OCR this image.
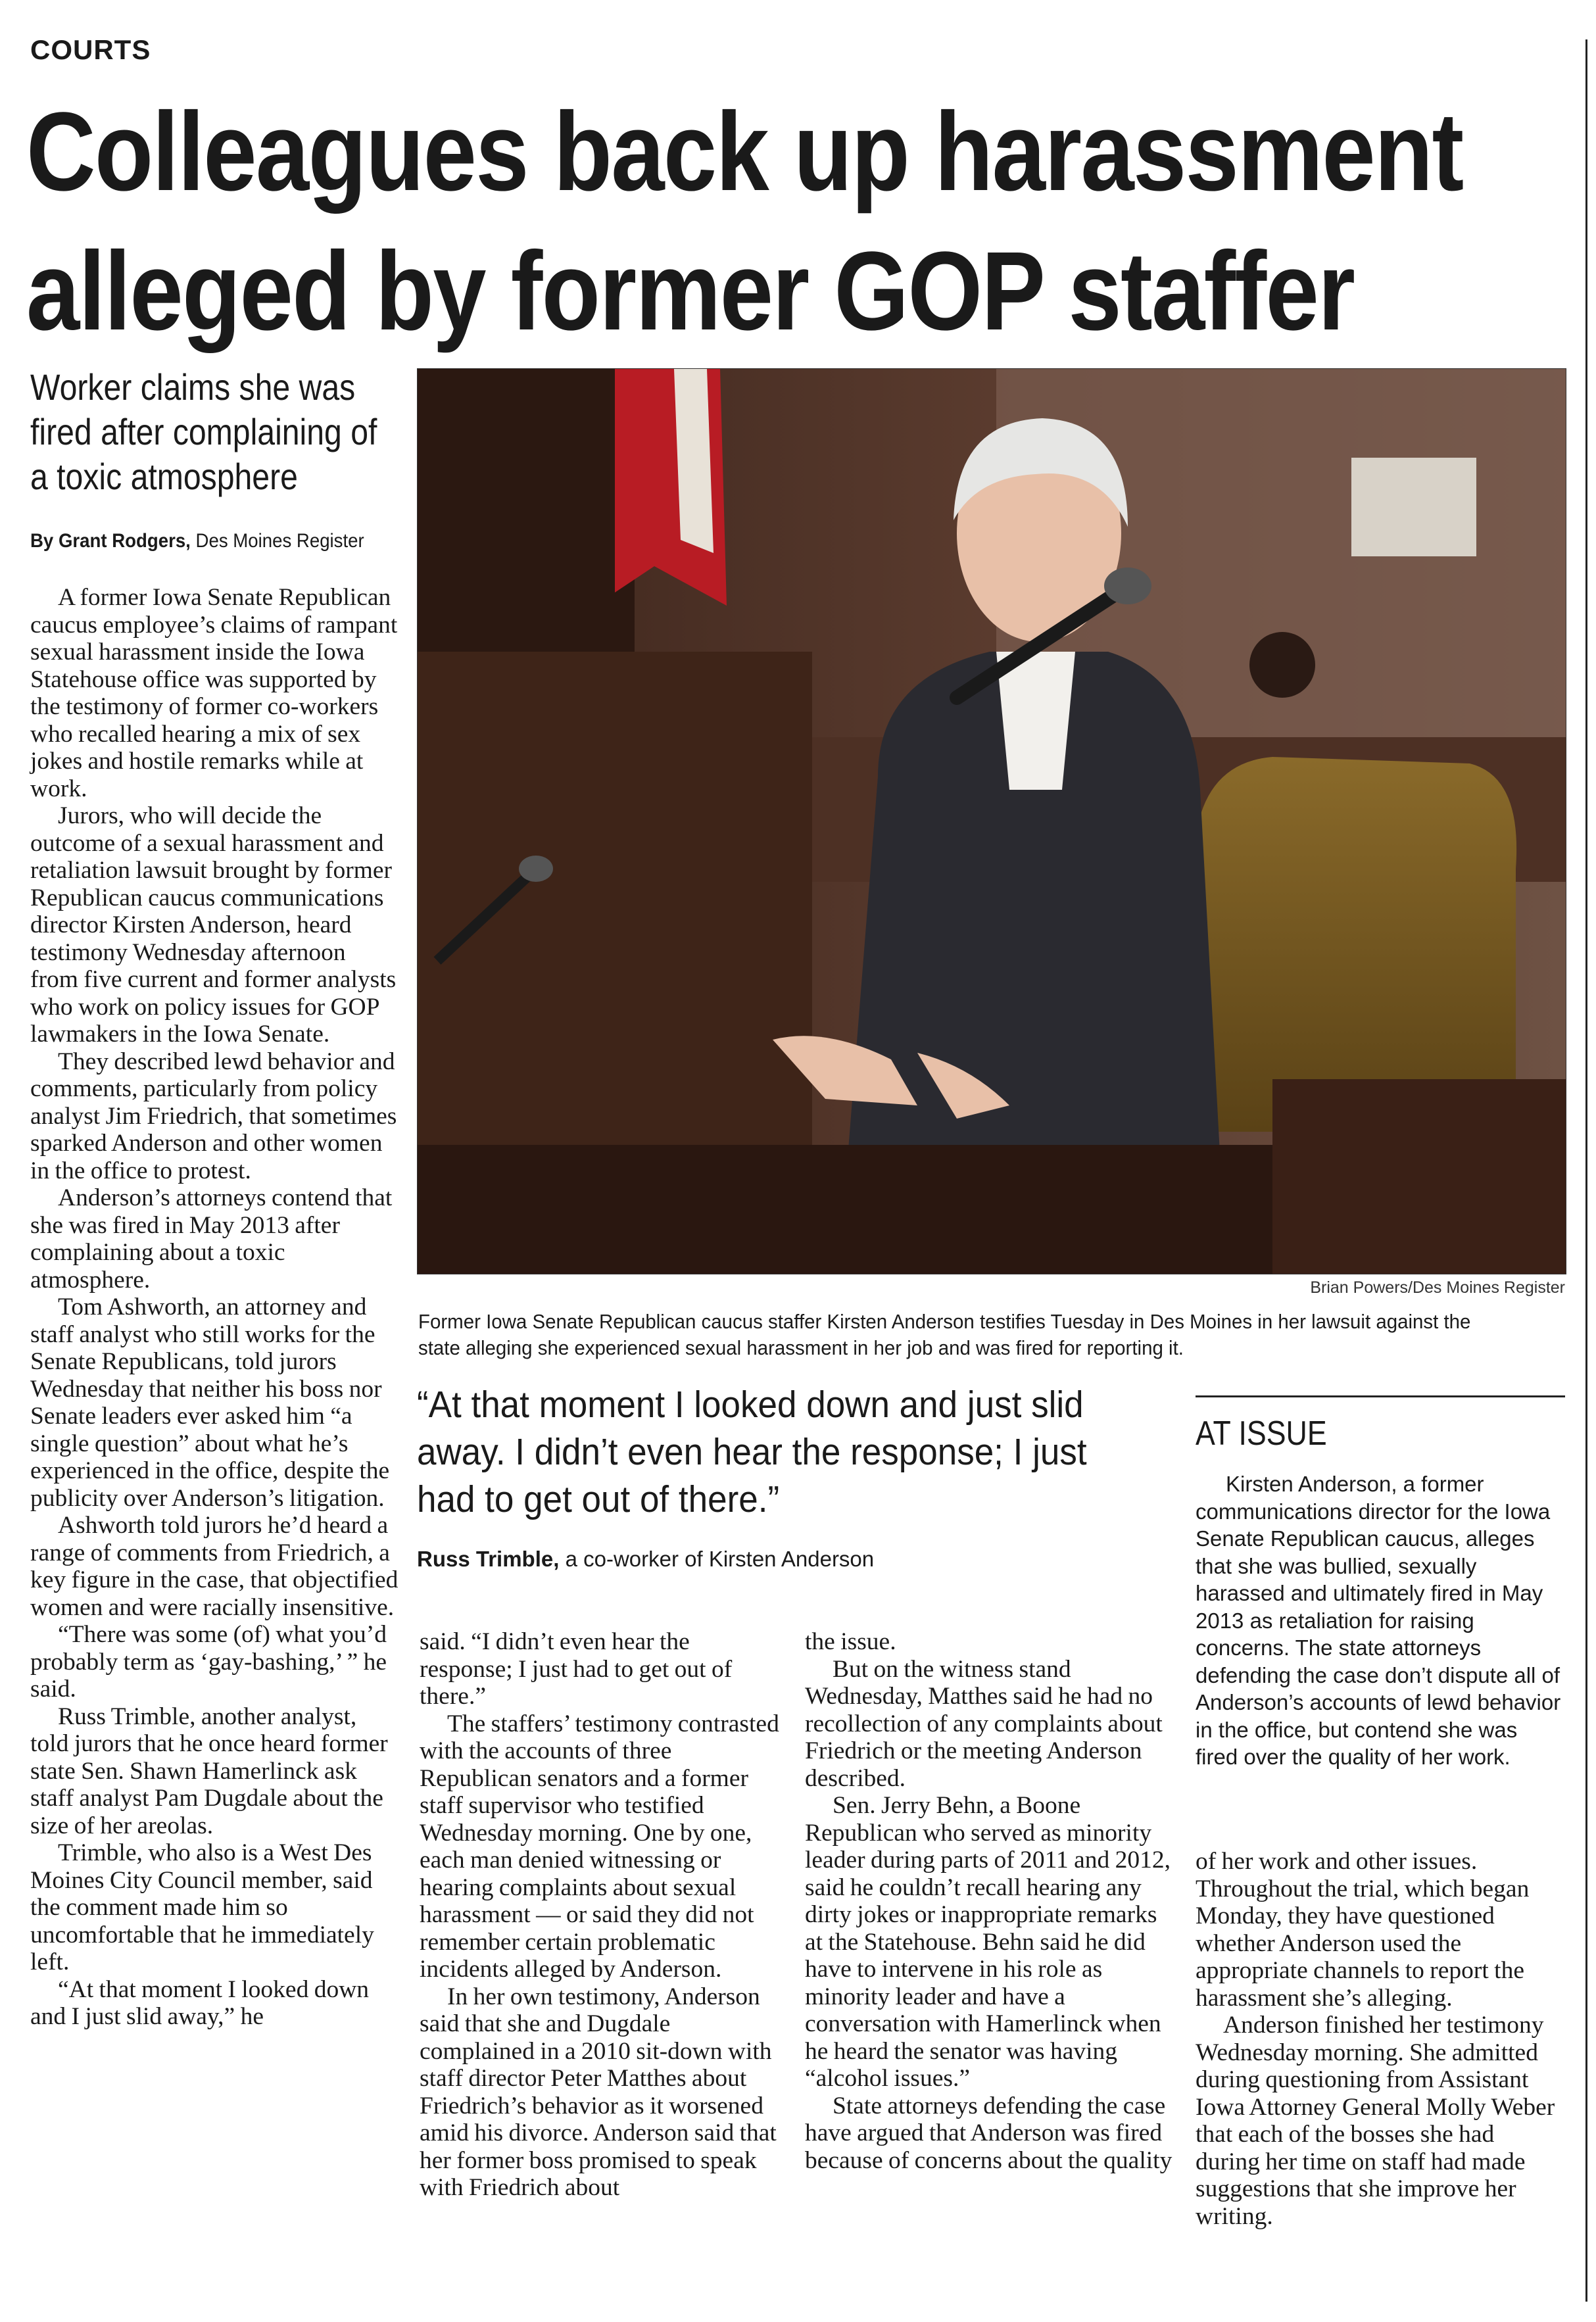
COURTS
Colleagues back up harassment
alleged by former GOP staffer
Worker claims she was fired after complaining of a toxic atmosphere
By Grant Rodgers, Des Moines Register
Brian Powers/Des Moines Register
Former Iowa Senate Republican caucus staffer Kirsten Anderson testifies Tuesday in Des Moines in her lawsuit against the state alleging she experienced sexual harassment in her job and was fired for reporting it.
“At that moment I looked down and just slid away. I didn’t even hear the response; I just had to get out of there.”
Russ Trimble, a co-worker of Kirsten Anderson
AT ISSUE

Kirsten Anderson, a former communications director for the Iowa Senate Republican caucus, alleges that she was bullied, sexually harassed and ultimately fired in May 2013 as retaliation for raising concerns. The state attorneys defending the case don’t dispute all of Anderson’s accounts of lewd behavior in the office, but contend she was fired over the quality of her work.

A former Iowa Senate Republican caucus employee’s claims of rampant sexual harassment inside the Iowa Statehouse office was supported by the testimony of former co-workers who recalled hearing a mix of sex jokes and hostile remarks while at work.

Jurors, who will decide the outcome of a sexual harassment and retaliation lawsuit brought by former Republican caucus communications director Kirsten Anderson, heard testimony Wednesday afternoon from five current and former analysts who work on policy issues for GOP lawmakers in the Iowa Senate.

They described lewd behavior and comments, particularly from policy analyst Jim Friedrich, that sometimes sparked Anderson and other women in the office to protest.

Anderson’s attorneys contend that she was fired in May 2013 after complaining about a toxic atmosphere.

Tom Ashworth, an attorney and staff analyst who still works for the Senate Republicans, told jurors Wednesday that neither his boss nor Senate leaders ever asked him “a single question” about what he’s experienced in the office, despite the publicity over Anderson’s litigation.

Ashworth told jurors he’d heard a range of comments from Friedrich, a key figure in the case, that objectified women and were racially insensitive.

“There was some (of) what you’d probably term as ‘gay-bashing,’ ” he said.

Russ Trimble, another analyst, told jurors that he once heard former state Sen. Shawn Hamerlinck ask staff analyst Pam Dugdale about the size of her areolas.

Trimble, who also is a West Des Moines City Council member, said the comment made him so uncomfortable that he immediately left.

“At that moment I looked down and I just slid away,” he

said. “I didn’t even hear the response; I just had to get out of there.”

The staffers’ testimony contrasted with the accounts of three Republican senators and a former staff supervisor who testified Wednesday morning. One by one, each man denied witnessing or hearing complaints about sexual harassment — or said they did not remember certain problematic incidents alleged by Anderson.

In her own testimony, Anderson said that she and Dugdale complained in a 2010 sit-down with staff director Peter Matthes about Friedrich’s behavior as it worsened amid his divorce. Anderson said that her former boss promised to speak with Friedrich about

the issue.

But on the witness stand Wednesday, Matthes said he had no recollection of any complaints about Friedrich or the meeting Anderson described.

Sen. Jerry Behn, a Boone Republican who served as minority leader during parts of 2011 and 2012, said he couldn’t recall hearing any dirty jokes or inappropriate remarks at the Statehouse. Behn said he did have to intervene in his role as minority leader and have a conversation with Hamerlinck when he heard the senator was having “alcohol issues.”

State attorneys defending the case have argued that Anderson was fired because of concerns about the quality

of her work and other issues. Throughout the trial, which began Monday, they have questioned whether Anderson used the appropriate channels to report the harassment she’s alleging.

Anderson finished her testimony Wednesday morning. She admitted during questioning from Assistant Iowa Attorney General Molly Weber that each of the bosses she had during her time on staff had made suggestions that she improve her writing.
